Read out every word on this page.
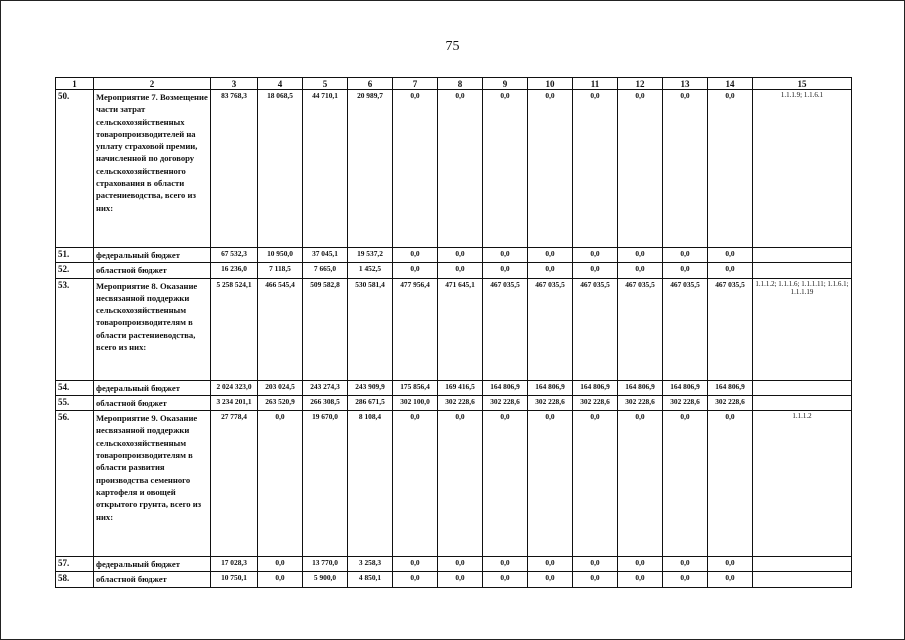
75
1	2	3	4	5	6	7	8	9	10	11	12	13	14	15
50.	Мероприятие 7. Возмещение части затрат сельскохозяйственных товаропроизводителей на уплату страховой премии, начисленной по договору сельскохозяйственного страхования в области растениеводства, всего из них:	83 768,3	18 068,5	44 710,1	20 989,7	0,0	0,0	0,0	0,0	0,0	0,0	0,0	0,0	1.1.1.9; 1.1.6.1
51.	федеральный бюджет	67 532,3	10 950,0	37 045,1	19 537,2	0,0	0,0	0,0	0,0	0,0	0,0	0,0	0,0	
52.	областной бюджет	16 236,0	7 118,5	7 665,0	1 452,5	0,0	0,0	0,0	0,0	0,0	0,0	0,0	0,0	
53.	Мероприятие 8. Оказание несвязанной поддержки сельскохозяйственным товаропроизводителям в области растениеводства, всего из них:	5 258 524,1	466 545,4	509 582,8	530 581,4	477 956,4	471 645,1	467 035,5	467 035,5	467 035,5	467 035,5	467 035,5	467 035,5	1.1.1.2; 1.1.1.6; 1.1.1.11; 1.1.6.1; 1.1.1.19
54.	федеральный бюджет	2 024 323,0	203 024,5	243 274,3	243 909,9	175 856,4	169 416,5	164 806,9	164 806,9	164 806,9	164 806,9	164 806,9	164 806,9	
55.	областной бюджет	3 234 201,1	263 520,9	266 308,5	286 671,5	302 100,0	302 228,6	302 228,6	302 228,6	302 228,6	302 228,6	302 228,6	302 228,6	
56.	Мероприятие 9. Оказание несвязанной поддержки сельскохозяйственным товаропроизводителям в области развития производства семенного картофеля и овощей открытого грунта, всего из них:	27 778,4	0,0	19 670,0	8 108,4	0,0	0,0	0,0	0,0	0,0	0,0	0,0	0,0	1.1.1.2
57.	федеральный бюджет	17 028,3	0,0	13 770,0	3 258,3	0,0	0,0	0,0	0,0	0,0	0,0	0,0	0,0	
58.	областной бюджет	10 750,1	0,0	5 900,0	4 850,1	0,0	0,0	0,0	0,0	0,0	0,0	0,0	0,0	
